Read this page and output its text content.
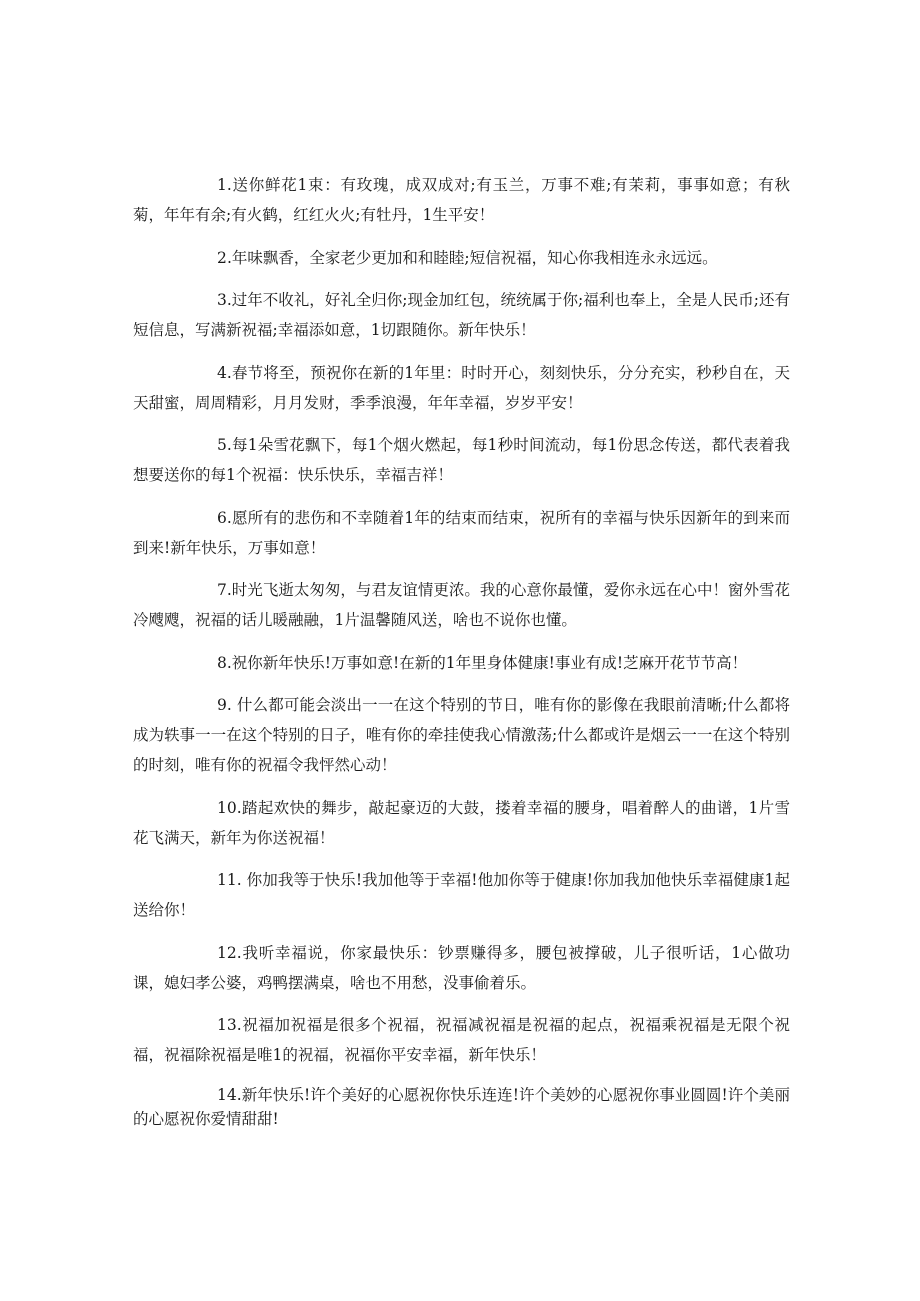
1.送你鲜花1束：有玫瑰，成双成对;有玉兰，万事不难;有茉莉，事事如意；有秋菊，年年有余;有火鹤，红红火火;有牡丹，1生平安！

2.年味飘香，全家老少更加和和睦睦;短信祝福，知心你我相连永永远远。

3.过年不收礼，好礼全归你;现金加红包，统统属于你;福利也奉上，全是人民币;还有短信息，写满新祝福;幸福添如意，1切跟随你。新年快乐！

4.春节将至，预祝你在新的1年里：时时开心，刻刻快乐，分分充实，秒秒自在，天天甜蜜，周周精彩，月月发财，季季浪漫，年年幸福，岁岁平安！

5.每1朵雪花飘下，每1个烟火燃起，每1秒时间流动，每1份思念传送，都代表着我想要送你的每1个祝福：快乐快乐，幸福吉祥！

6.愿所有的悲伤和不幸随着1年的结束而结束，祝所有的幸福与快乐因新年的到来而到来!新年快乐，万事如意！

7.时光飞逝太匆匆，与君友谊情更浓。我的心意你最懂，爱你永远在心中！窗外雪花冷飕飕，祝福的话儿暖融融，1片温馨随风送，啥也不说你也懂。

8.祝你新年快乐!万事如意!在新的1年里身体健康!事业有成!芝麻开花节节高！

9. 什么都可能会淡出一一在这个特别的节日，唯有你的影像在我眼前清晰;什么都将成为轶事一一在这个特别的日子，唯有你的牵挂使我心情激荡;什么都或许是烟云一一在这个特别的时刻，唯有你的祝福令我怦然心动！

10.踏起欢快的舞步，敲起豪迈的大鼓，搂着幸福的腰身，唱着醉人的曲谱，1片雪花飞满天，新年为你送祝福！

11. 你加我等于快乐!我加他等于幸福!他加你等于健康!你加我加他快乐幸福健康1起送给你！

12.我听幸福说，你家最快乐：钞票赚得多，腰包被撑破，儿子很听话，1心做功课，媳妇孝公婆，鸡鸭摆满桌，啥也不用愁，没事偷着乐。

13.祝福加祝福是很多个祝福，祝福减祝福是祝福的起点，祝福乘祝福是无限个祝福，祝福除祝福是唯1的祝福，祝福你平安幸福，新年快乐！

14.新年快乐!许个美好的心愿祝你快乐连连!许个美妙的心愿祝你事业圆圆!许个美丽的心愿祝你爱情甜甜!
